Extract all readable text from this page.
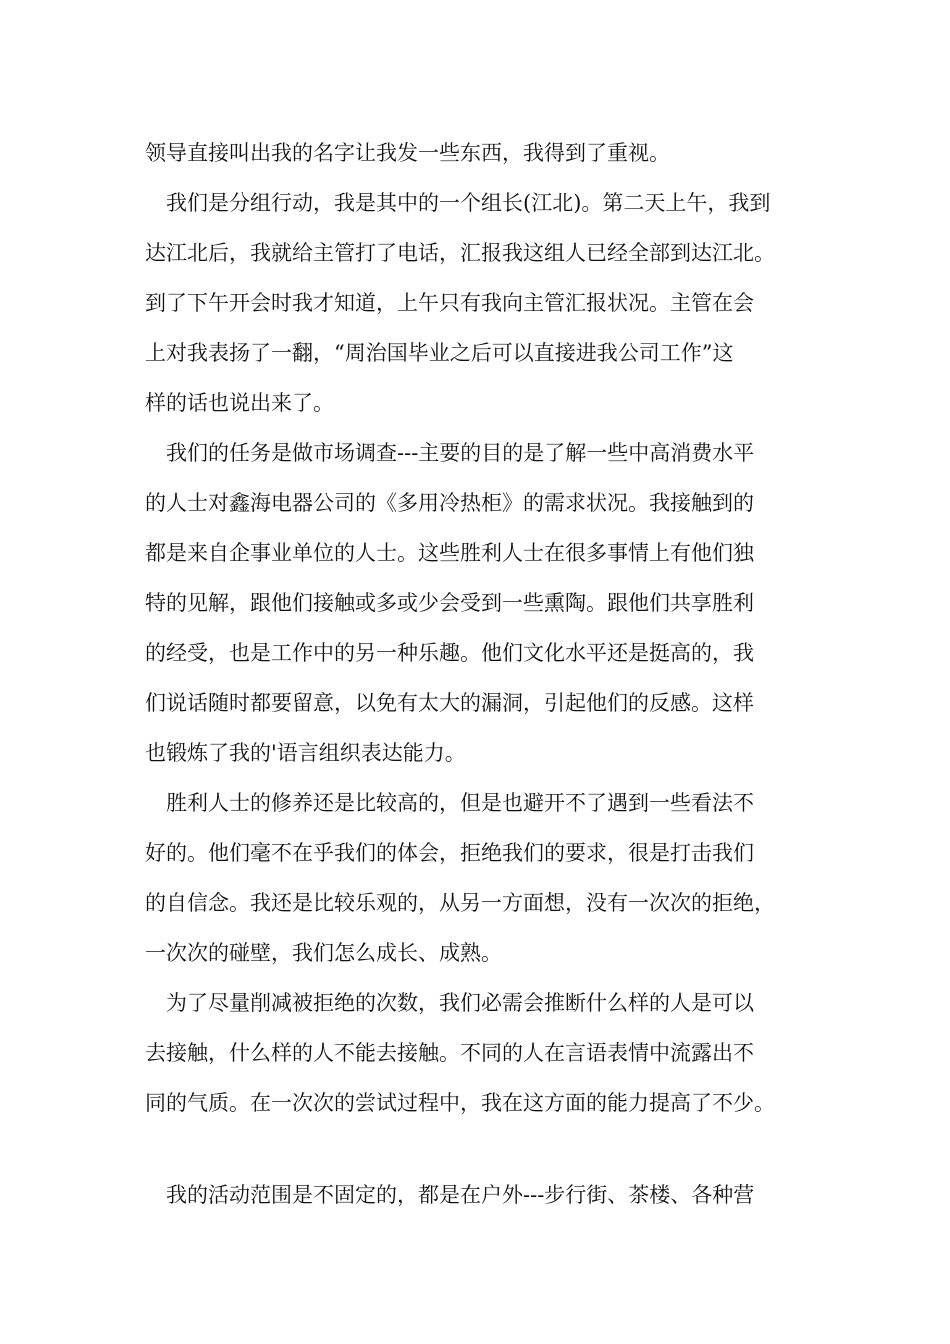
领导直接叫出我的名字让我发一些东西，我得到了重视。
我们是分组行动，我是其中的一个组长(江北)。第二天上午，我到
达江北后，我就给主管打了电话，汇报我这组人已经全部到达江北。
到了下午开会时我才知道，上午只有我向主管汇报状况。主管在会
上对我表扬了一翻，“周治国毕业之后可以直接进我公司工作”这
样的话也说出来了。
我们的任务是做市场调查---主要的目的是了解一些中高消费水平
的人士对鑫海电器公司的《多用冷热柜》的需求状况。我接触到的
都是来自企事业单位的人士。这些胜利人士在很多事情上有他们独
特的见解，跟他们接触或多或少会受到一些熏陶。跟他们共享胜利
的经受，也是工作中的另一种乐趣。他们文化水平还是挺高的，我
们说话随时都要留意，以免有太大的漏洞，引起他们的反感。这样
也锻炼了我的'语言组织表达能力。
胜利人士的修养还是比较高的，但是也避开不了遇到一些看法不
好的。他们毫不在乎我们的体会，拒绝我们的要求，很是打击我们
的自信念。我还是比较乐观的，从另一方面想，没有一次次的拒绝，
一次次的碰壁，我们怎么成长、成熟。
为了尽量削减被拒绝的次数，我们必需会推断什么样的人是可以
去接触，什么样的人不能去接触。不同的人在言语表情中流露出不
同的气质。在一次次的尝试过程中，我在这方面的能力提高了不少。
我的活动范围是不固定的，都是在户外---步行街、茶楼、各种营
